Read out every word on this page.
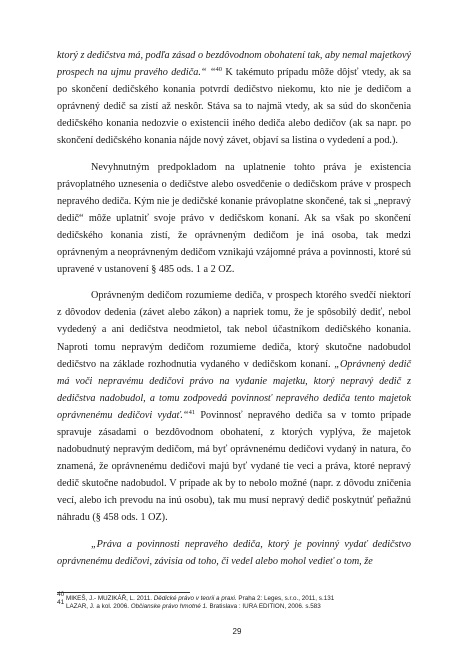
ktorý z dedičstva má, podľa zásad o bezdôvodnom obohatení tak, aby nemal majetkový prospech na ujmu pravého dediča.“ “$^{40}$ K takémuto prípadu môže dôjsť vtedy, ak sa po skončení dedičského konania potvrdí dedičstvo niekomu, kto nie je dedičom a oprávnený dedič sa zistí až neskôr. Stáva sa to najmä vtedy, ak sa súd do skončenia dedičského konania nedozvie o existencii iného dediča alebo dedičov (ak sa napr. po skončení dedičského konania nájde nový závet, objaví sa listina o vydedení a pod.).

Nevyhnutným predpokladom na uplatnenie tohto práva je existencia právoplatného uznesenia o dedičstve alebo osvedčenie o dedičskom práve v prospech nepravého dediča. Kým nie je dedičské konanie právoplatne skončené, tak si „nepravý dedič“ môže uplatniť svoje právo v dedičskom konaní. Ak sa však po skončení dedičského konania zistí, že oprávneným dedičom je iná osoba, tak medzi oprávneným a neoprávneným dedičom vznikajú vzájomné práva a povinnosti, ktoré sú upravené v ustanovení § 485 ods. 1 a 2 OZ.

Oprávneným dedičom rozumieme dediča, v prospech ktorého svedčí niektorí z dôvodov dedenia (závet alebo zákon) a napriek tomu, že je spôsobilý dediť, nebol vydedený a ani dedičstva neodmietol, tak nebol účastníkom dedičského konania. Naproti tomu nepravým dedičom rozumieme dediča, ktorý skutočne nadobudol dedičstvo na základe rozhodnutia vydaného v dedičskom konaní. „Oprávnený dedič má voči nepravému dedičovi právo na vydanie majetku, ktorý nepravý dedič z dedičstva nadobudol, a tomu zodpovedá povinnosť nepravého dediča tento majetok oprávnenému dedičovi vydať.“$^{41}$ Povinnosť nepravého dediča sa v tomto prípade spravuje zásadami o bezdôvodnom obohatení, z ktorých vyplýva, že majetok nadobudnutý nepravým dedičom, má byť oprávnenému dedičovi vydaný in natura, čo znamená, že oprávnenému dedičovi majú byť vydané tie veci a práva, ktoré nepravý dedič skutočne nadobudol. V prípade ak by to nebolo možné (napr. z dôvodu zničenia vecí, alebo ich prevodu na inú osobu), tak mu musí nepravý dedič poskytnúť peňažnú náhradu (§ 458 ods. 1 OZ).

„Práva a povinnosti nepravého dediča, ktorý je povinný vydať dedičstvo oprávnenému dedičovi, závisia od toho, či vedel alebo mohol vedieť o tom, že

$^{40}$ MIKEŠ, J.- MUZIKÁŘ, L. 2011. Dědické právo v teorii a praxi. Praha 2: Leges, s.r.o., 2011, s.131
$^{41}$ LAZAR, J. a kol. 2006. Občianske právo hmotné 1. Bratislava : IURA EDITION, 2006. s.583
29
